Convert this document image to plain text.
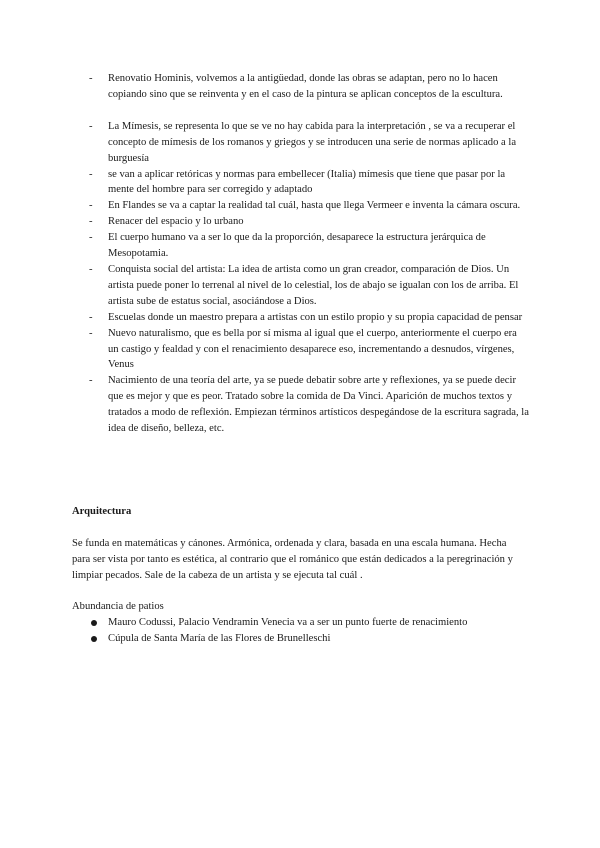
- Renovatio Hominis, volvemos a la antigüedad, donde las obras se adaptan, pero no lo hacen copiando sino que se reinventa y en el caso de la pintura se aplican conceptos de la escultura.
- La Mímesis, se representa lo que se ve no hay cabida para la interpretación , se va a recuperar el concepto de mímesis de los romanos y griegos y se introducen una serie de normas aplicado a la burguesía
- se van a aplicar retóricas y normas para embellecer (Italia) mímesis que tiene que pasar por la mente del hombre para ser corregido y adaptado
- En Flandes se va a captar la realidad tal cuál, hasta que llega Vermeer e inventa la cámara oscura.
- Renacer del espacio y lo urbano
- El cuerpo humano va a ser lo que da la proporción, desaparece la estructura jerárquica de Mesopotamia.
- Conquista social del artista: La idea de artista como un gran creador, comparación de Dios. Un artista puede poner lo terrenal al nivel de lo celestial, los de abajo se igualan con los de arriba. El artista sube de estatus social, asociándose a Dios.
- Escuelas donde un maestro prepara a artistas con un estilo propio y su propia capacidad de pensar
- Nuevo naturalismo, que es bella por sí misma al igual que el cuerpo, anteriormente el cuerpo era un castigo y fealdad y con el renacimiento desaparece eso, incrementando a desnudos, vírgenes, Venus
- Nacimiento de una teoría del arte, ya se puede debatir sobre arte y reflexiones, ya se puede decir que es mejor y que es peor. Tratado sobre la comida de Da Vinci. Aparición de muchos textos y tratados a modo de reflexión. Empiezan términos artísticos despegándose de la escritura sagrada, la idea de diseño, belleza, etc.
Arquitectura

Se funda en matemáticas y cánones. Armónica, ordenada y clara, basada en una escala humana. Hecha para ser vista por tanto es estética, al contrario que el románico que están dedicados a la peregrinación y limpiar pecados. Sale de la cabeza de un artista y se ejecuta tal cuál .

Abundancia de patios

Mauro Codussi, Palacio Vendramin Venecia va a ser un punto fuerte de renacimiento
Cúpula de Santa María de las Flores de Brunelleschi
